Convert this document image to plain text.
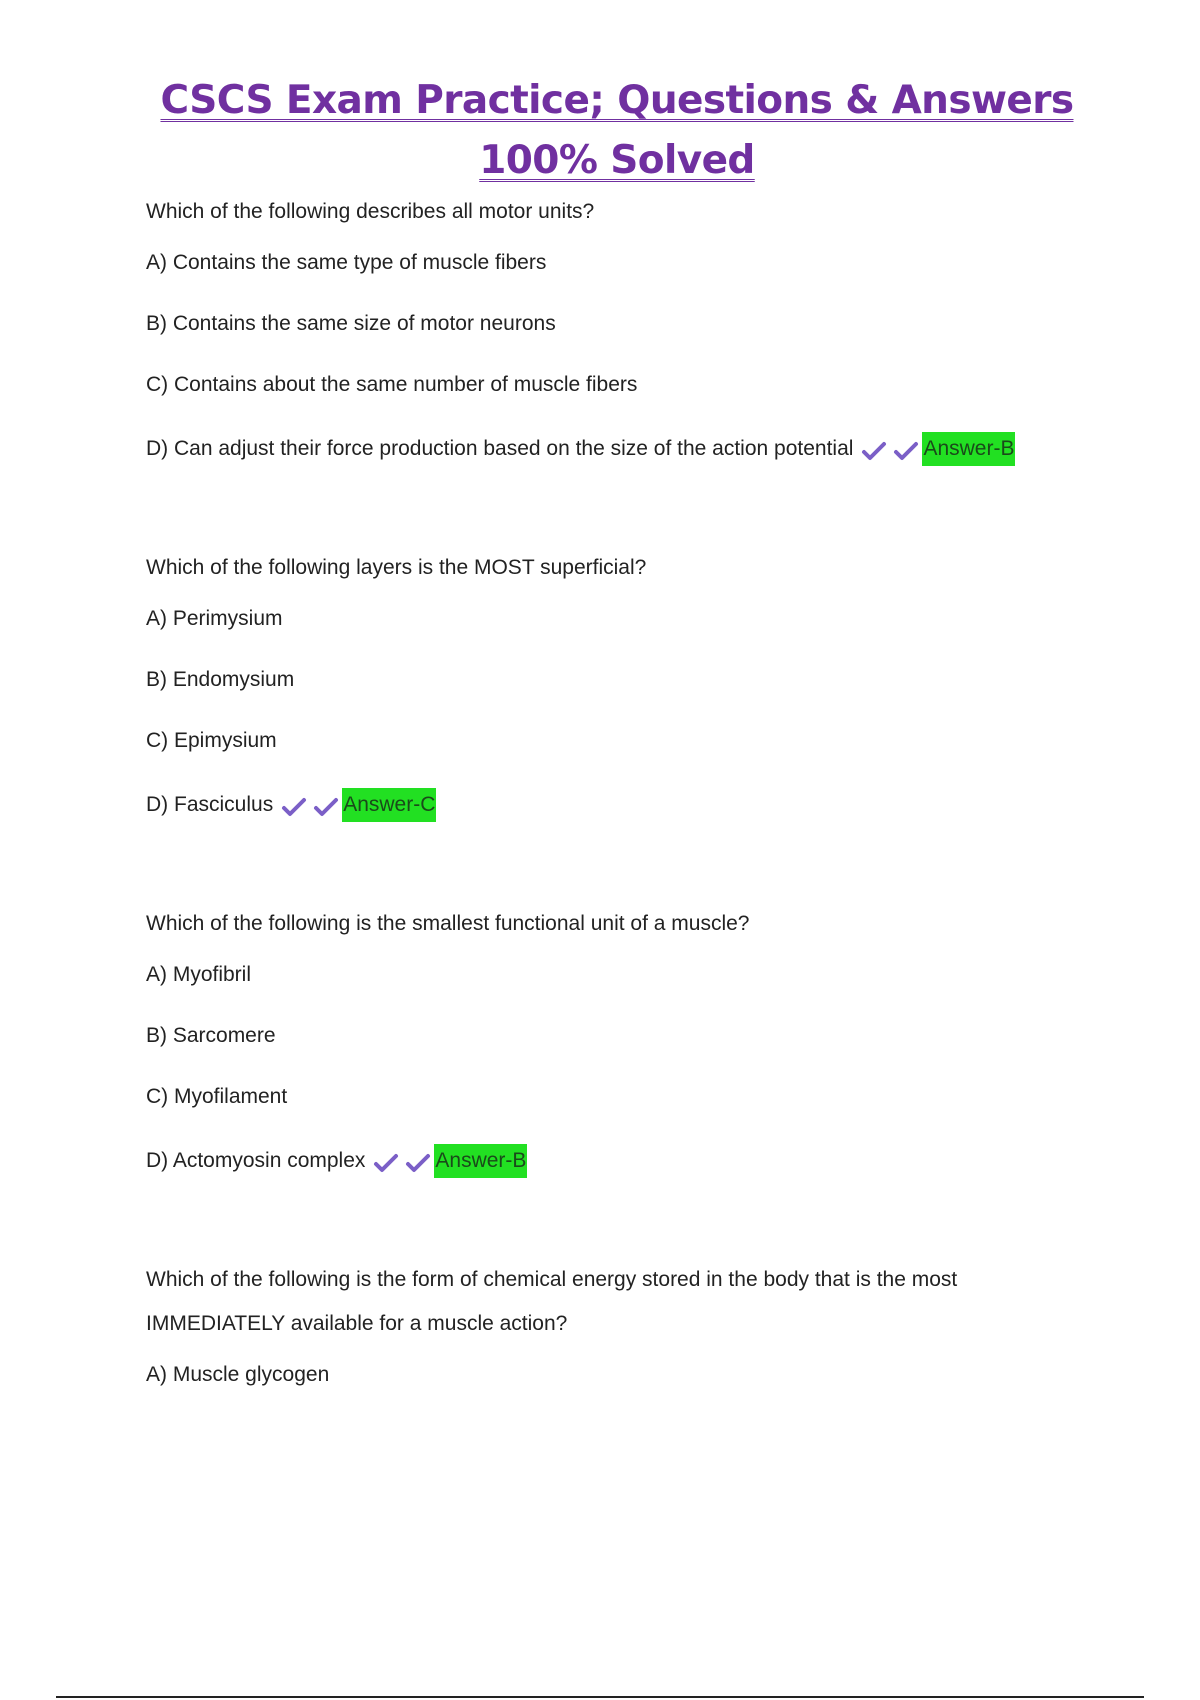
CSCS Exam Practice; Questions & Answers
100% Solved

Which of the following describes all motor units?

A) Contains the same type of muscle fibers
B) Contains the same size of motor neurons
C) Contains about the same number of muscle fibers
D) Can adjust their force production based on the size of the action potential	Answer-B

Which of the following layers is the MOST superficial?

A) Perimysium
B) Endomysium
C) Epimysium
D) Fasciculus	Answer-C

Which of the following is the smallest functional unit of a muscle?

A) Myofibril
B) Sarcomere
C) Myofilament
D) Actomyosin complex	Answer-B

Which of the following is the form of chemical energy stored in the body that is the most
IMMEDIATELY available for a muscle action?

A) Muscle glycogen
